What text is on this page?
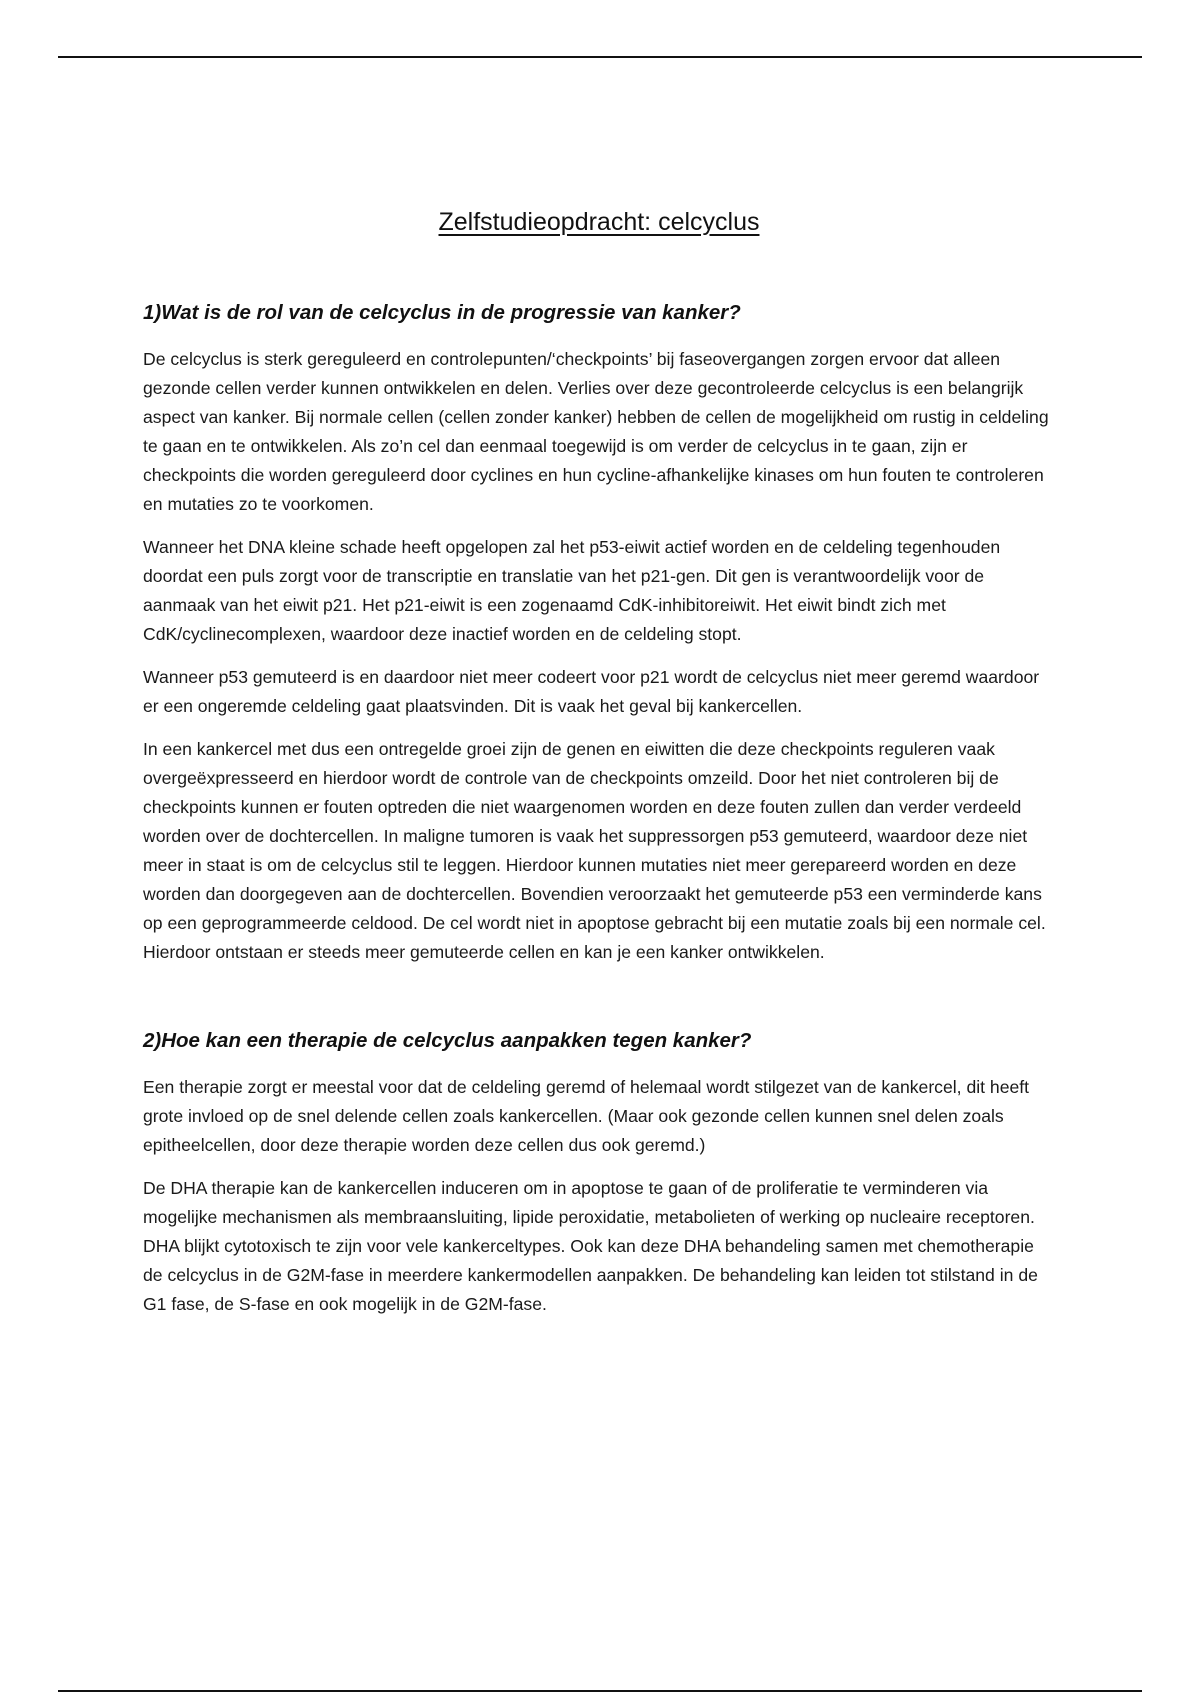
Zelfstudieopdracht: celcyclus
1)Wat is de rol van de celcyclus in de progressie van kanker?

De celcyclus is sterk gereguleerd en controlepunten/‘checkpoints’ bij faseovergangen zorgen ervoor dat alleen gezonde cellen verder kunnen ontwikkelen en delen. Verlies over deze gecontroleerde celcyclus is een belangrijk aspect van kanker. Bij normale cellen (cellen zonder kanker) hebben de cellen de mogelijkheid om rustig in celdeling te gaan en te ontwikkelen. Als zo’n cel dan eenmaal toegewijd is om verder de celcyclus in te gaan, zijn er checkpoints die worden gereguleerd door cyclines en hun cycline-afhankelijke kinases om hun fouten te controleren en mutaties zo te voorkomen.

Wanneer het DNA kleine schade heeft opgelopen zal het p53-eiwit actief worden en de celdeling tegenhouden doordat een puls zorgt voor de transcriptie en translatie van het p21-gen. Dit gen is verantwoordelijk voor de aanmaak van het eiwit p21. Het p21-eiwit is een zogenaamd CdK-inhibitoreiwit. Het eiwit bindt zich met CdK/cyclinecomplexen, waardoor deze inactief worden en de celdeling stopt.

Wanneer p53 gemuteerd is en daardoor niet meer codeert voor p21 wordt de celcyclus niet meer geremd waardoor er een ongeremde celdeling gaat plaatsvinden. Dit is vaak het geval bij kankercellen.

In een kankercel met dus een ontregelde groei zijn de genen en eiwitten die deze checkpoints reguleren vaak overgeëxpresseerd en hierdoor wordt de controle van de checkpoints omzeild. Door het niet controleren bij de checkpoints kunnen er fouten optreden die niet waargenomen worden en deze fouten zullen dan verder verdeeld worden over de dochtercellen. In maligne tumoren is vaak het suppressorgen p53 gemuteerd, waardoor deze niet meer in staat is om de celcyclus stil te leggen. Hierdoor kunnen mutaties niet meer gerepareerd worden en deze worden dan doorgegeven aan de dochtercellen. Bovendien veroorzaakt het gemuteerde p53 een verminderde kans op een geprogrammeerde celdood. De cel wordt niet in apoptose gebracht bij een mutatie zoals bij een normale cel. Hierdoor ontstaan er steeds meer gemuteerde cellen en kan je een kanker ontwikkelen.

2)Hoe kan een therapie de celcyclus aanpakken tegen kanker?

Een therapie zorgt er meestal voor dat de celdeling geremd of helemaal wordt stilgezet van de kankercel, dit heeft grote invloed op de snel delende cellen zoals kankercellen. (Maar ook gezonde cellen kunnen snel delen zoals epitheelcellen, door deze therapie worden deze cellen dus ook geremd.)

De DHA therapie kan de kankercellen induceren om in apoptose te gaan of de proliferatie te verminderen via mogelijke mechanismen als membraansluiting, lipide peroxidatie, metabolieten of werking op nucleaire receptoren. DHA blijkt cytotoxisch te zijn voor vele kankerceltypes. Ook kan deze DHA behandeling samen met chemotherapie de celcyclus in de G2M-fase in meerdere kankermodellen aanpakken. De behandeling kan leiden tot stilstand in de G1 fase, de S-fase en ook mogelijk in de G2M-fase.
